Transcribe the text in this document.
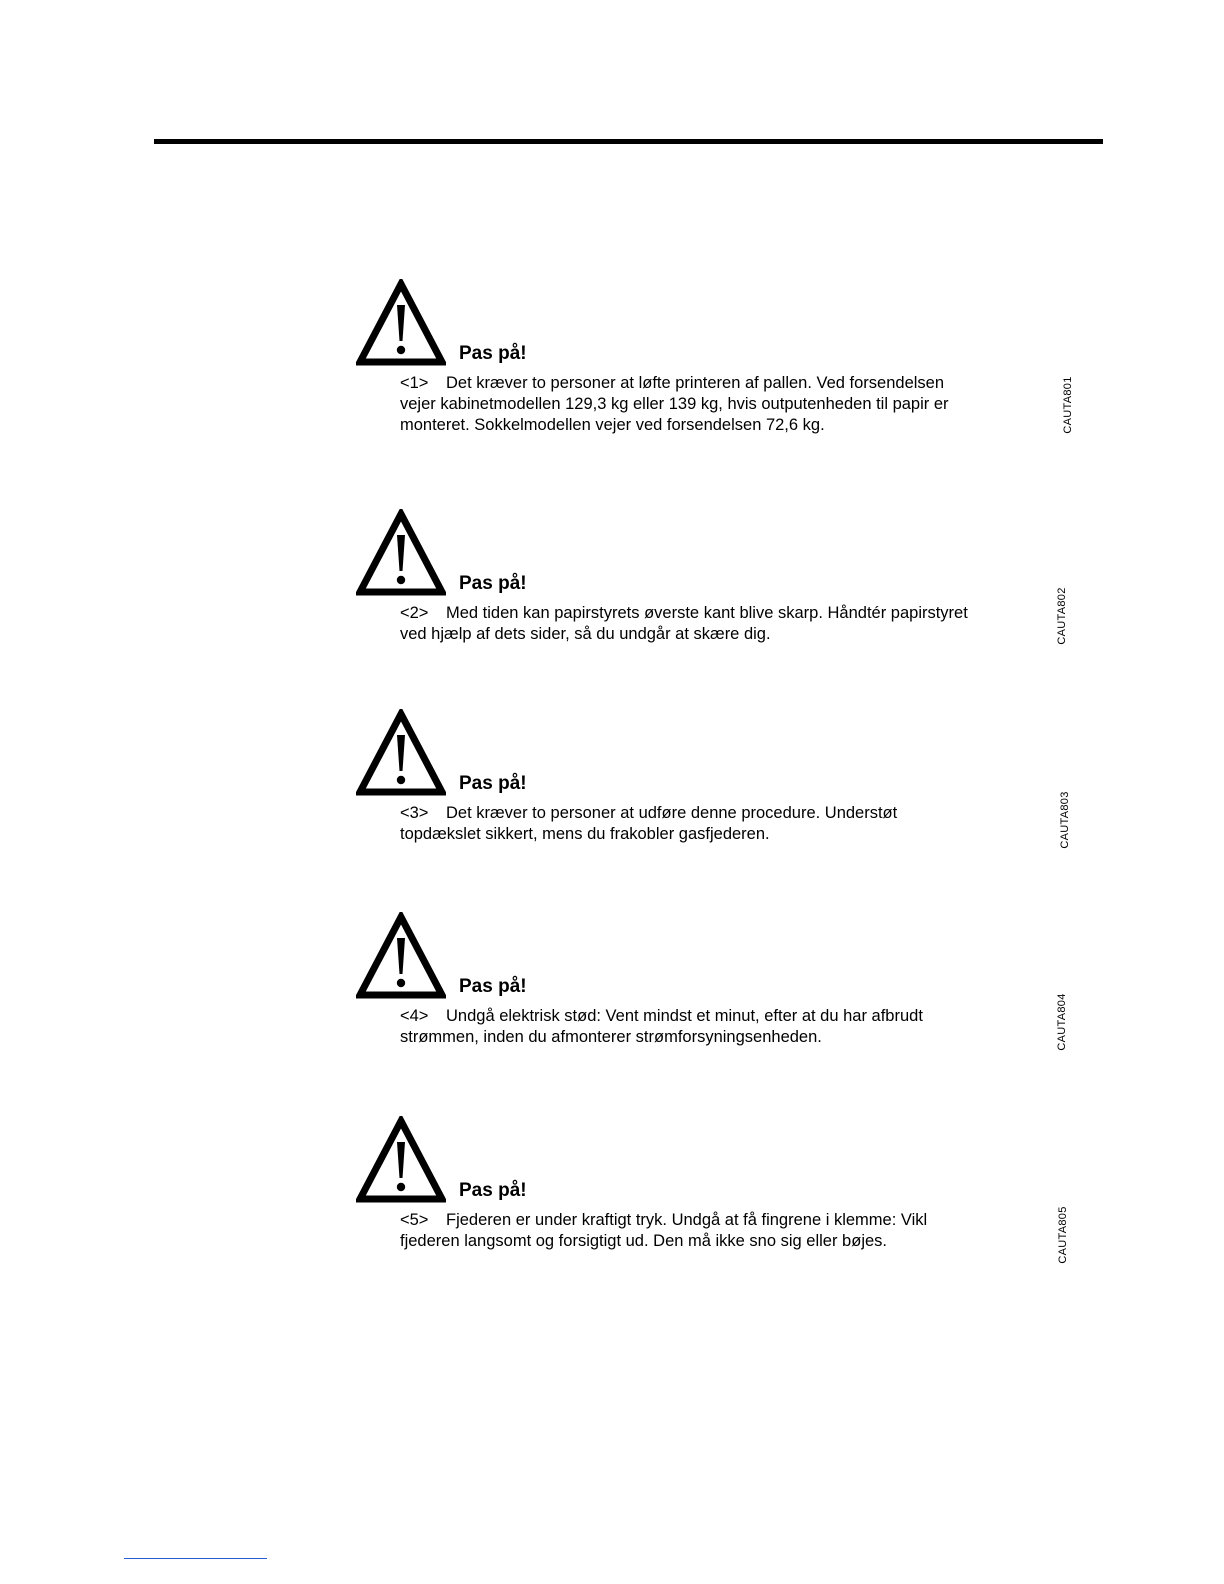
Pas på!
<1> Det kræver to personer at løfte printeren af pallen. Ved forsendelsen vejer kabinetmodellen 129,3 kg eller 139 kg, hvis outputenheden til papir er monteret. Sokkelmodellen vejer ved forsendelsen 72,6 kg.	CAUTA801
Pas på!
<2> Med tiden kan papirstyrets øverste kant blive skarp. Håndtér papirstyret ved hjælp af dets sider, så du undgår at skære dig.	CAUTA802
Pas på!
<3> Det kræver to personer at udføre denne procedure. Understøt topdækslet sikkert, mens du frakobler gasfjederen.	CAUTA803
Pas på!
<4> Undgå elektrisk stød: Vent mindst et minut, efter at du har afbrudt strømmen, inden du afmonterer strømforsyningsenheden.	CAUTA804
Pas på!
<5> Fjederen er under kraftigt tryk. Undgå at få fingrene i klemme: Vikl fjederen langsomt og forsigtigt ud. Den må ikke sno sig eller bøjes.	CAUTA805
